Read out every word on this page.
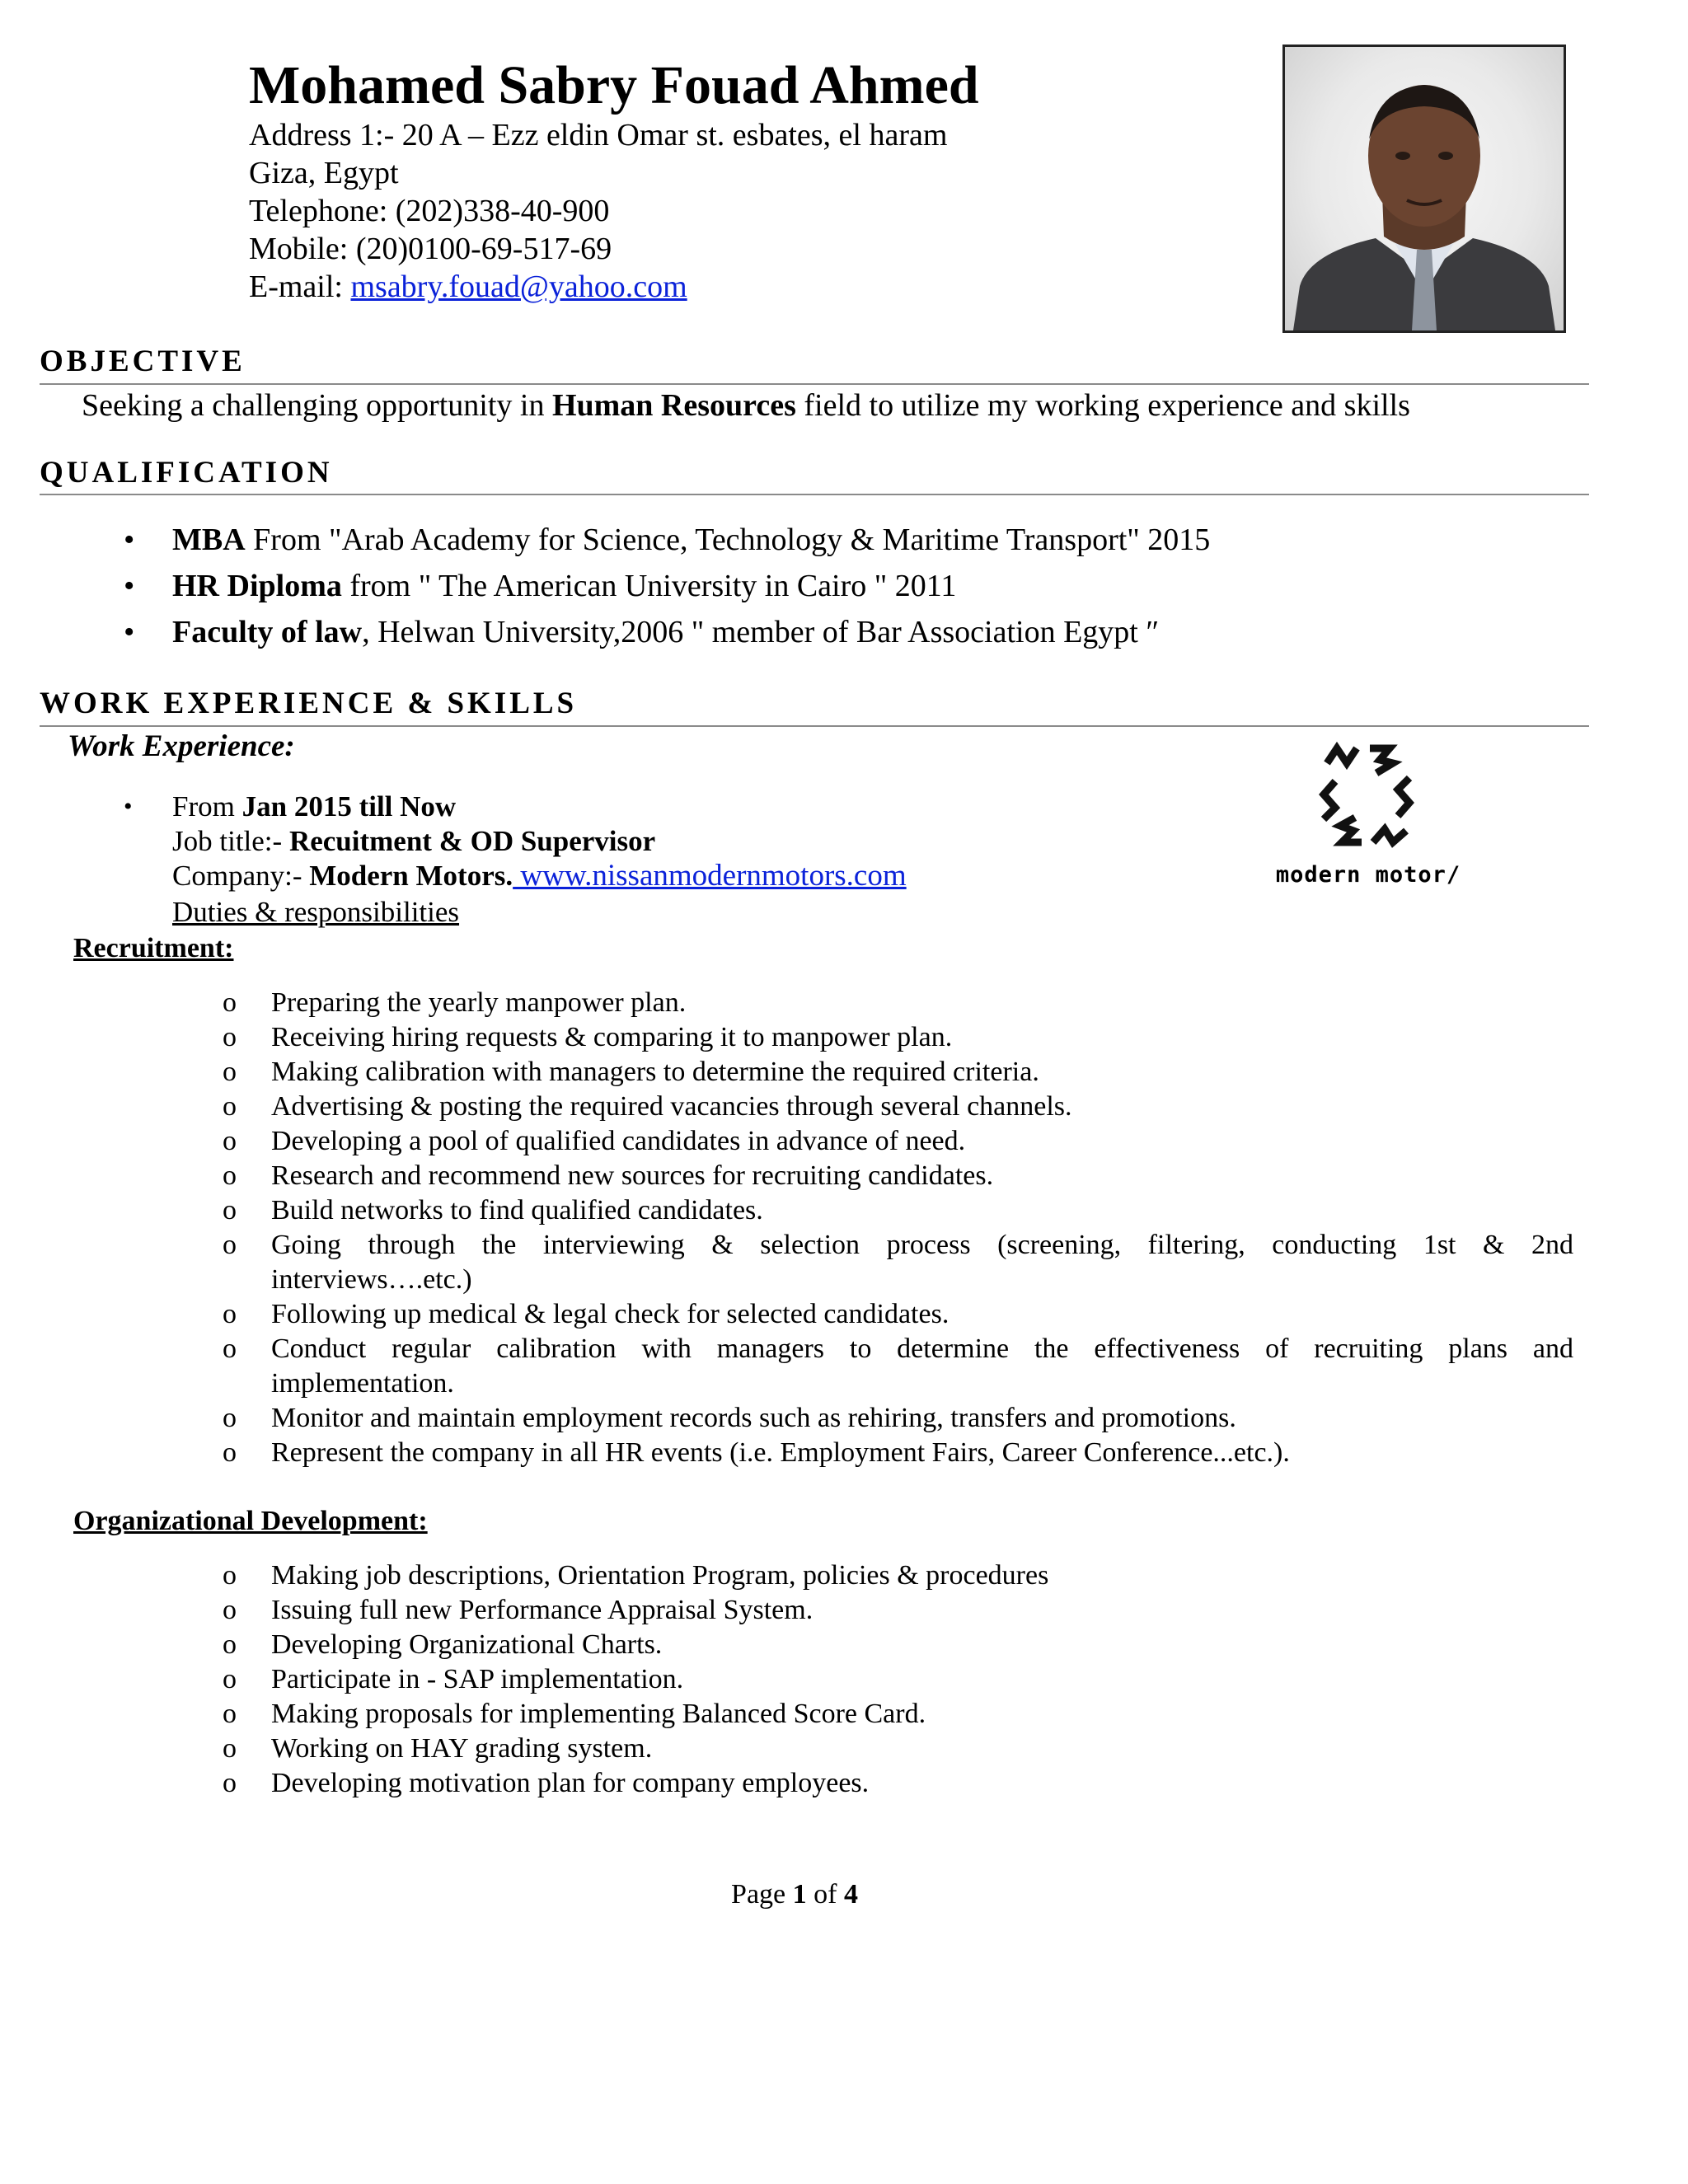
Mohamed Sabry Fouad Ahmed
Address 1:- 20 A – Ezz eldin Omar st. esbates, el haram
Giza, Egypt
Telephone: (202)338-40-900
Mobile: (20)0100-69-517-69
E-mail: msabry.fouad@yahoo.com
OBJECTIVE
Seeking a challenging opportunity in Human Resources field to utilize my working experience and skills
QUALIFICATION
• MBA From "Arab Academy for Science, Technology & Maritime Transport" 2015
• HR Diploma from " The American University in Cairo " 2011
• Faculty of law, Helwan University,2006 " member of Bar Association Egypt ″
WORK EXPERIENCE & SKILLS
Work Experience:
• From Jan 2015 till Now
Job title:- Recuitment & OD Supervisor
Company:- Modern Motors. www.nissanmodernmotors.com
Duties & responsibilities
modern motor/
Recruitment:
o Preparing the yearly manpower plan.
o Receiving hiring requests & comparing it to manpower plan.
o Making calibration with managers to determine the required criteria.
o Advertising & posting the required vacancies through several channels.
o Developing a pool of qualified candidates in advance of need.
o Research and recommend new sources for recruiting candidates.
o Build networks to find qualified candidates.
o Going through the interviewing & selection process (screening, filtering, conducting 1st & 2nd
interviews….etc.)
o Following up medical & legal check for selected candidates.
o Conduct regular calibration with managers to determine the effectiveness of recruiting plans and
implementation.
o Monitor and maintain employment records such as rehiring, transfers and promotions.
o Represent the company in all HR events (i.e. Employment Fairs, Career Conference...etc.).
Organizational Development:
o Making job descriptions, Orientation Program, policies & procedures
o Issuing full new Performance Appraisal System.
o Developing Organizational Charts.
o Participate in - SAP implementation.
o Making proposals for implementing Balanced Score Card.
o Working on HAY grading system.
o Developing motivation plan for company employees.
Page 1 of 4
